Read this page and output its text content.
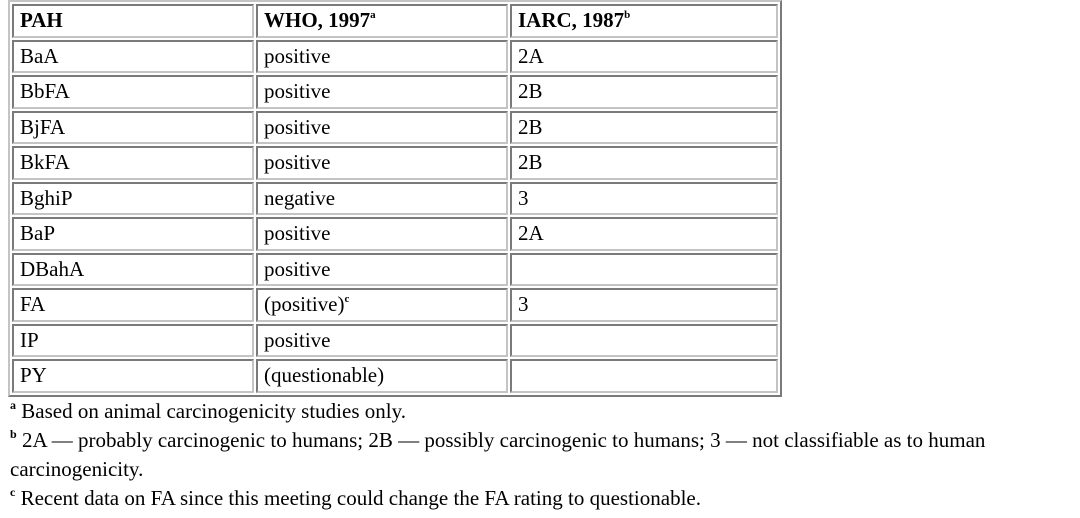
PAH	WHO, 1997$^a$	IARC, 1987$^b$
BaA	positive	2A
BbFA	positive	2B
BjFA	positive	2B
BkFA	positive	2B
BghiP	negative	3
BaP	positive	2A
DBahA	positive	
FA	(positive)$^c$	3
IP	positive	
PY	(questionable)	

$^a$ Based on animal carcinogenicity studies only.

$^b$ 2A — probably carcinogenic to humans; 2B — possibly carcinogenic to humans; 3 — not classifiable as to human carcinogenicity.

$^c$ Recent data on FA since this meeting could change the FA rating to questionable.
